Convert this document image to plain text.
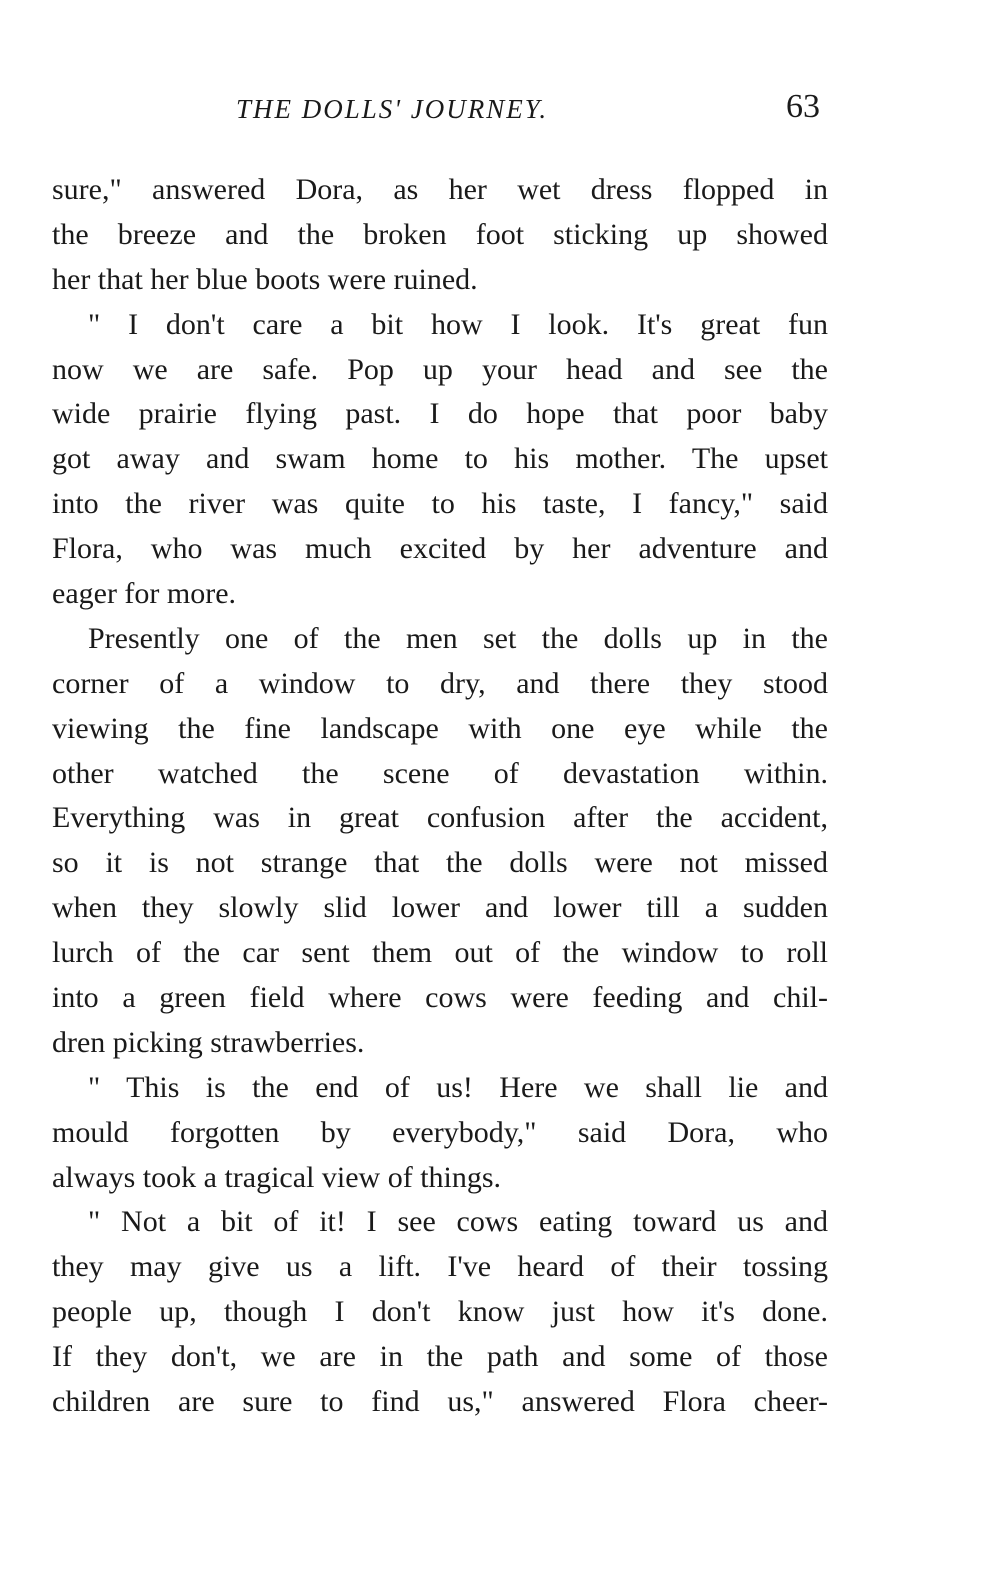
THE DOLLS' JOURNEY.	63
sure," answered Dora, as her wet dress flopped in
the breeze and the broken foot sticking up showed
her that her blue boots were ruined.
" I don't care a bit how I look. It's great fun
now we are safe. Pop up your head and see the
wide prairie flying past. I do hope that poor baby
got away and swam home to his mother. The upset
into the river was quite to his taste, I fancy," said
Flora, who was much excited by her adventure and
eager for more.
Presently one of the men set the dolls up in the
corner of a window to dry, and there they stood
viewing the fine landscape with one eye while the
other watched the scene of devastation within.
Everything was in great confusion after the accident,
so it is not strange that the dolls were not missed
when they slowly slid lower and lower till a sudden
lurch of the car sent them out of the window to roll
into a green field where cows were feeding and chil-
dren picking strawberries.
" This is the end of us! Here we shall lie and
mould forgotten by everybody," said Dora, who
always took a tragical view of things.
" Not a bit of it! I see cows eating toward us and
they may give us a lift. I've heard of their tossing
people up, though I don't know just how it's done.
If they don't, we are in the path and some of those
children are sure to find us," answered Flora cheer-
